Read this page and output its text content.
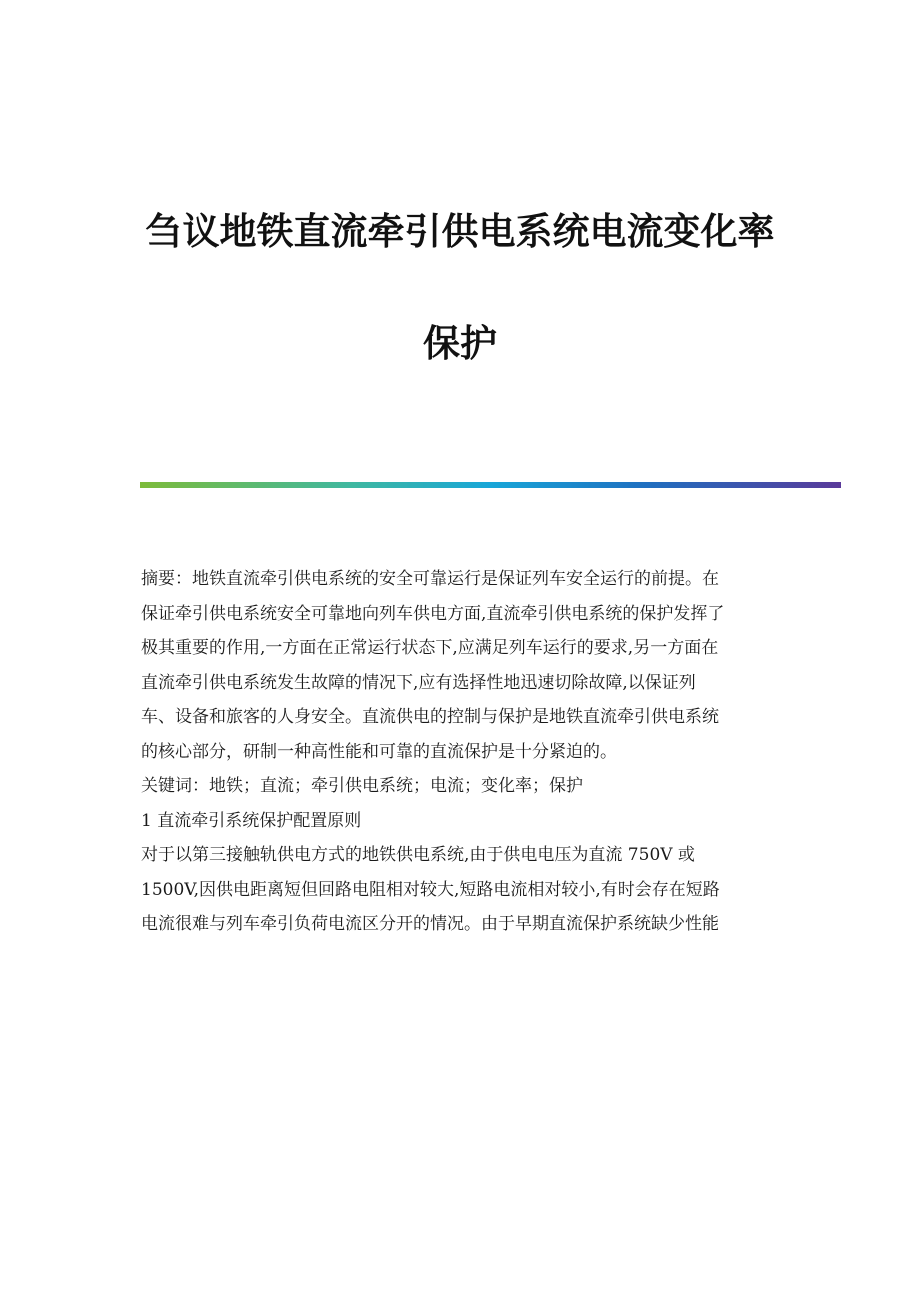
刍议地铁直流牵引供电系统电流变化率
保护
摘要：地铁直流牵引供电系统的安全可靠运行是保证列车安全运行的前提。在
保证牵引供电系统安全可靠地向列车供电方面,直流牵引供电系统的保护发挥了
极其重要的作用,一方面在正常运行状态下,应满足列车运行的要求,另一方面在
直流牵引供电系统发生故障的情况下,应有选择性地迅速切除故障,以保证列
车、设备和旅客的人身安全。直流供电的控制与保护是地铁直流牵引供电系统
的核心部分，研制一种高性能和可靠的直流保护是十分紧迫的。
关键词：地铁；直流；牵引供电系统；电流；变化率；保护
1 直流牵引系统保护配置原则
对于以第三接触轨供电方式的地铁供电系统,由于供电电压为直流 750V 或
1500V,因供电距离短但回路电阻相对较大,短路电流相对较小,有时会存在短路
电流很难与列车牵引负荷电流区分开的情况。由于早期直流保护系统缺少性能
